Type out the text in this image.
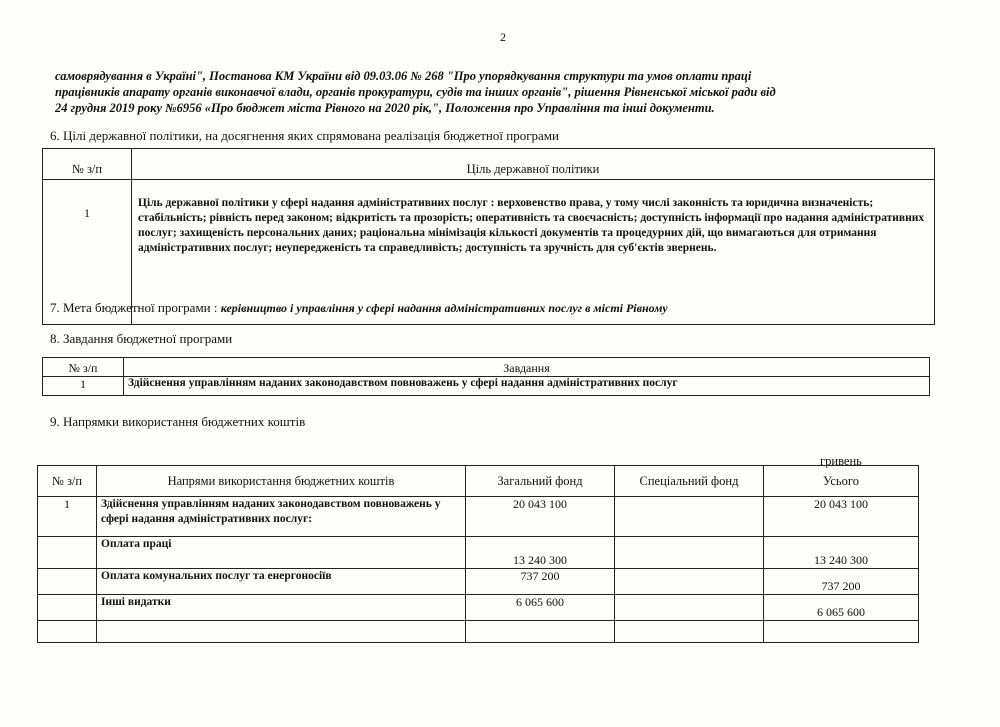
2

самоврядування в Україні", Постанова КМ України від 09.03.06 № 268 "Про упорядкування структури та умов оплати праці

працівників апарату органів виконавчої влади, органів прокуратури, судів та інших органів", рішення Рівненської міської ради від

24 грудня 2019 року №6956 «Про бюджет міста Рівного на 2020 рік,", Положення про Управління та інші документи.

6. Цілі державної політики, на досягнення яких спрямована реалізація бюджетної програми
№ з/п	Ціль державної політики
1	Ціль державної політики у сфері надання адміністративних послуг : верховенство права, у тому числі законність та юридична визначеність; стабільність; рівність перед законом; відкритість та прозорість; оперативність та своєчасність; доступність інформації про надання адміністративних послуг; захищеність персональних даних; раціональна мінімізація кількості документів та процедурних дій, що вимагаються для отримання адміністративних послуг; неупередженість та справедливість; доступність та зручність для суб'єктів звернень.
7. Мета бюджетної програми : керівництво і управління у сфері надання адміністративних послуг в місті Рівному
8. Завдання бюджетної програми
№ з/п	Завдання
1	Здійснення управлінням наданих законодавством повноважень у сфері надання адміністративних послуг
9. Напрямки використання бюджетних коштів
гривень
№ з/п	Напрями використання бюджетних коштів	Загальний фонд	Спеціальний фонд	Усього
1	Здійснення управлінням наданих законодавством повноважень у сфері надання адміністративних послуг:	20 043 100		20 043 100
	Оплата праці	13 240 300		13 240 300
	Оплата комунальних послуг та енергоносіїв	737 200		737 200
	Інші видатки	6 065 600		6 065 600
